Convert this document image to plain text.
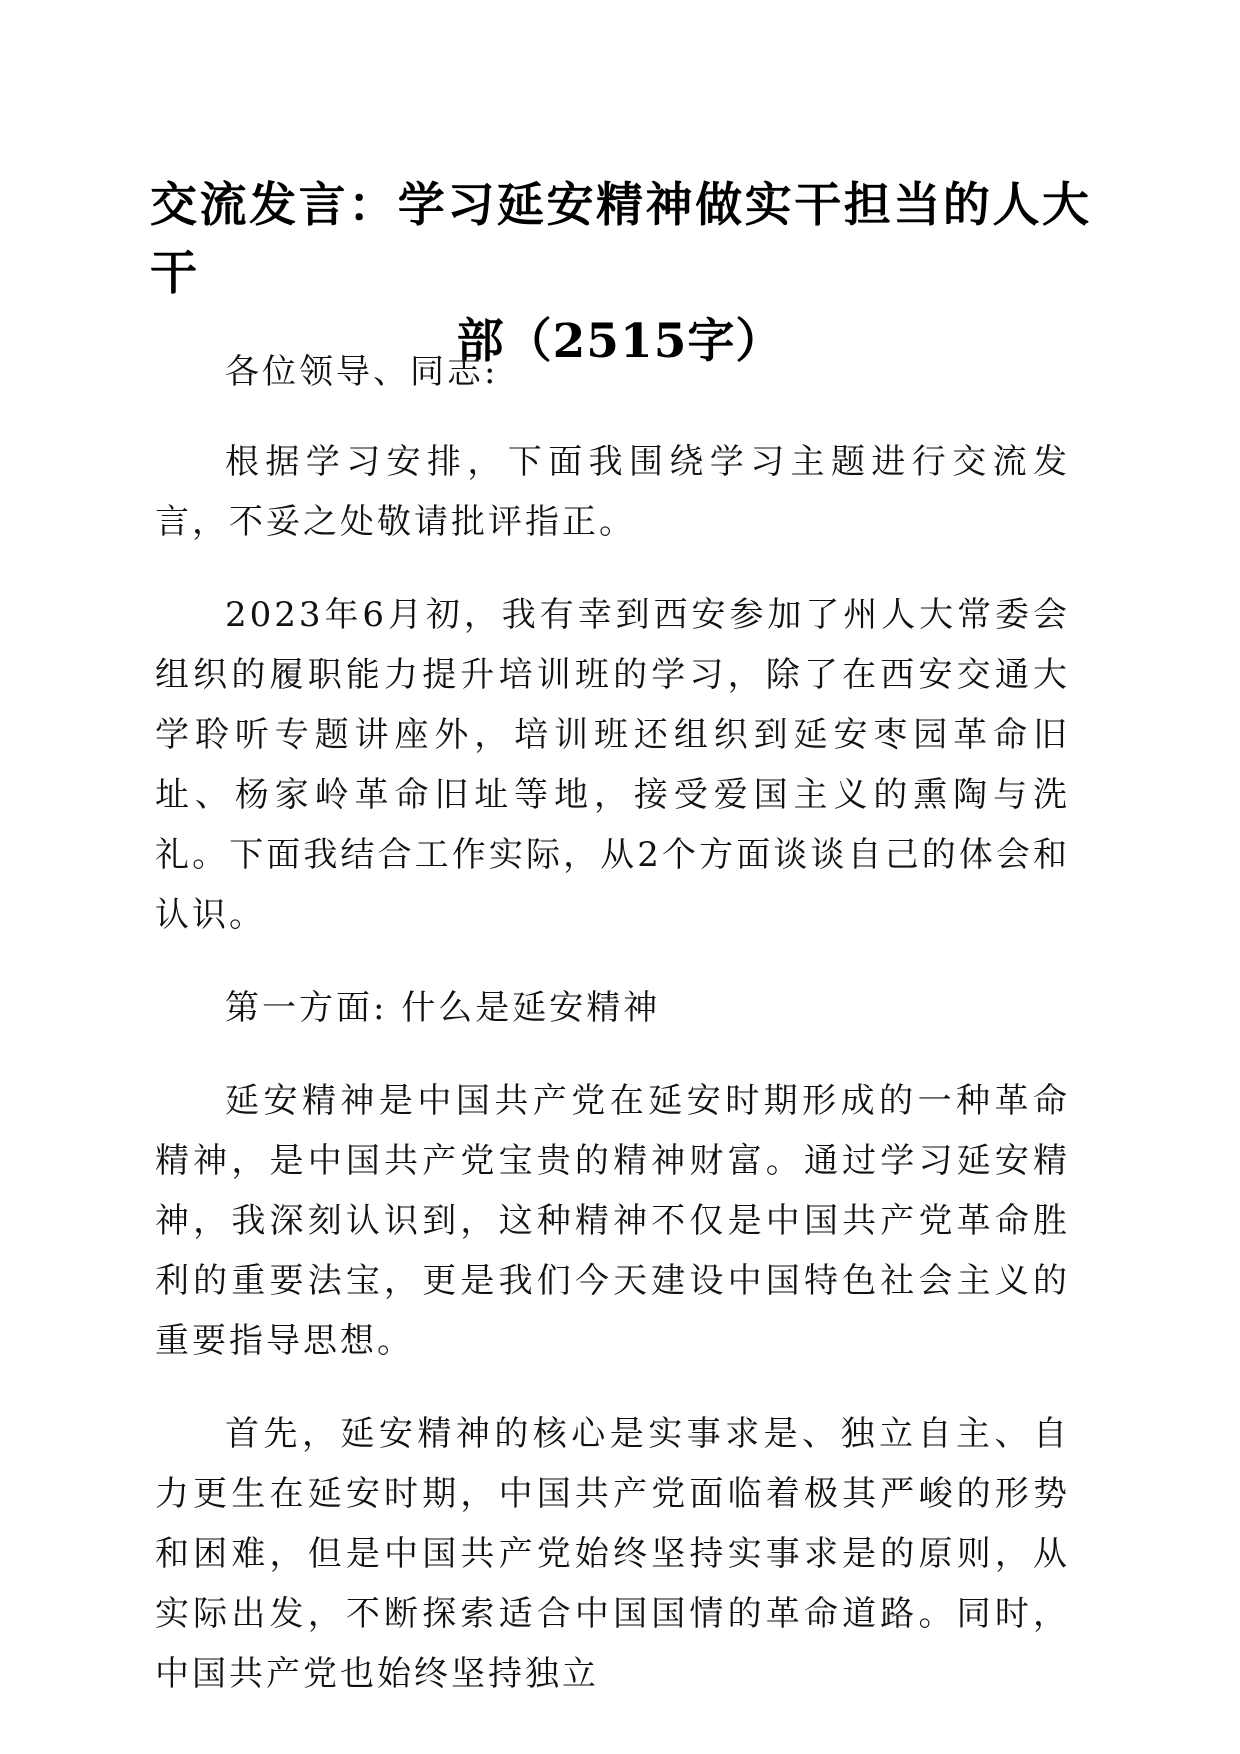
交流发言：学习延安精神做实干担当的人大干
部（2515字）

各位领导、同志:

根据学习安排，下面我围绕学习主题进行交流发言，不妥之处敬请批评指正。

2023年6月初，我有幸到西安参加了州人大常委会组织的履职能力提升培训班的学习，除了在西安交通大学聆听专题讲座外，培训班还组织到延安枣园革命旧址、杨家岭革命旧址等地，接受爱国主义的熏陶与洗礼。下面我结合工作实际，从2个方面谈谈自己的体会和认识。

第一方面: 什么是延安精神

延安精神是中国共产党在延安时期形成的一种革命精神，是中国共产党宝贵的精神财富。通过学习延安精神，我深刻认识到，这种精神不仅是中国共产党革命胜利的重要法宝，更是我们今天建设中国特色社会主义的重要指导思想。

首先，延安精神的核心是实事求是、独立自主、自力更生在延安时期，中国共产党面临着极其严峻的形势和困难，但是中国共产党始终坚持实事求是的原则，从实际出发，不断探索适合中国国情的革命道路。同时，中国共产党也始终坚持独立
